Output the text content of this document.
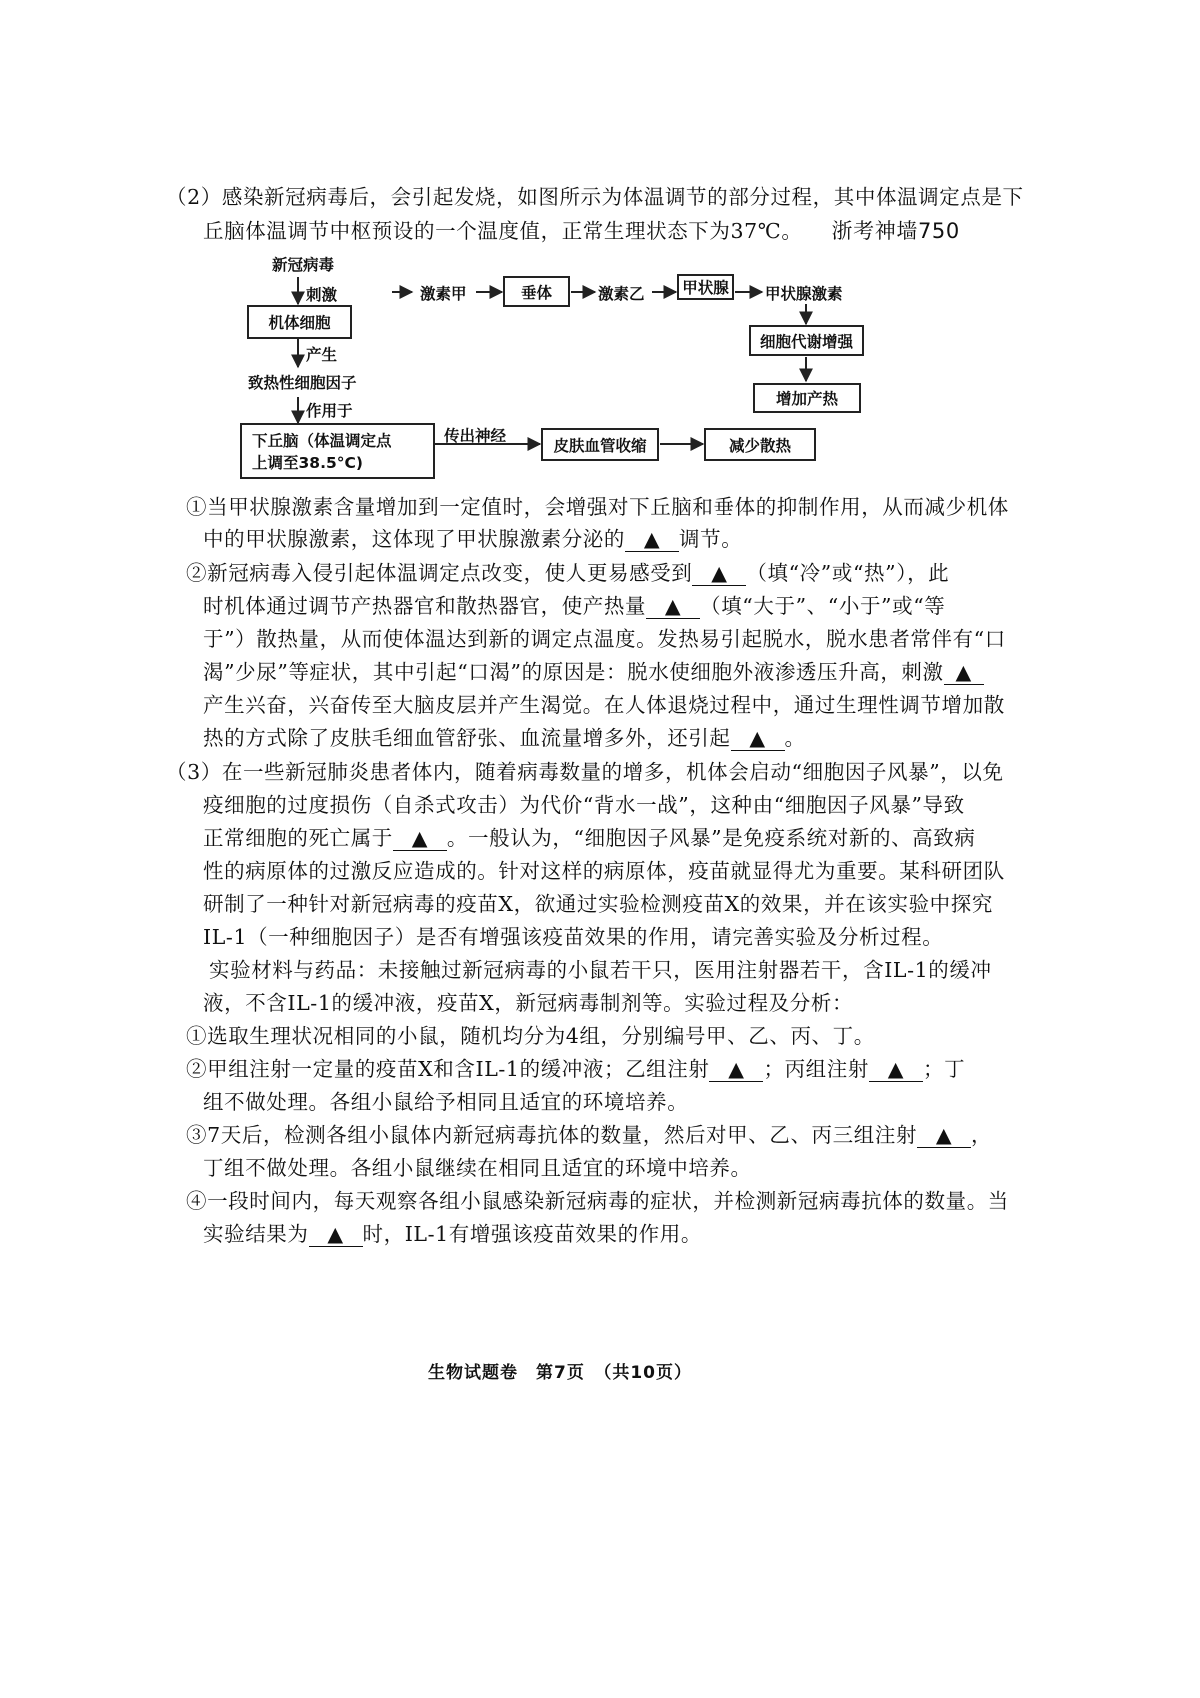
（2）感染新冠病毒后，会引起发烧，如图所示为体温调节的部分过程，其中体温调定点是下
丘脑体温调节中枢预设的一个温度值，正常生理状态下为37℃。 浙考神墙750
新冠病毒
刺激
机体细胞
产生
致热性细胞因子
作用于
下丘脑（体温调定点
上调至38.5°C)
传出神经
皮肤血管收缩	减少散热
激素甲	垂体	激素乙	甲状腺	甲状腺激素
细胞代谢增强
增加产热
①当甲状腺激素含量增加到一定值时，会增强对下丘脑和垂体的抑制作用，从而减少机体
中的甲状腺激素，这体现了甲状腺激素分泌的 ▲ 调节。
②新冠病毒入侵引起体温调定点改变，使人更易感受到 ▲ （填“冷”或“热”），此
时机体通过调节产热器官和散热器官，使产热量 ▲ （填“大于”、“小于”或“等
于”）散热量，从而使体温达到新的调定点温度。发热易引起脱水，脱水患者常伴有“口
渴”少尿”等症状，其中引起“口渴”的原因是：脱水使细胞外液渗透压升高，刺激 ▲
产生兴奋，兴奋传至大脑皮层并产生渴觉。在人体退烧过程中，通过生理性调节增加散
热的方式除了皮肤毛细血管舒张、血流量增多外，还引起 ▲ 。
（3）在一些新冠肺炎患者体内，随着病毒数量的增多，机体会启动“细胞因子风暴”，以免
疫细胞的过度损伤（自杀式攻击）为代价“背水一战”，这种由“细胞因子风暴”导致
正常细胞的死亡属于 ▲ 。一般认为，“细胞因子风暴”是免疫系统对新的、高致病
性的病原体的过激反应造成的。针对这样的病原体，疫苗就显得尤为重要。某科研团队
研制了一种针对新冠病毒的疫苗X，欲通过实验检测疫苗X的效果，并在该实验中探究
IL-1（一种细胞因子）是否有增强该疫苗效果的作用，请完善实验及分析过程。
实验材料与药品：未接触过新冠病毒的小鼠若干只，医用注射器若干，含IL-1的缓冲
液，不含IL-1的缓冲液，疫苗X，新冠病毒制剂等。实验过程及分析：
①选取生理状况相同的小鼠，随机均分为4组，分别编号甲、乙、丙、丁。
②甲组注射一定量的疫苗X和含IL-1的缓冲液；乙组注射 ▲ ；丙组注射 ▲ ；丁
组不做处理。各组小鼠给予相同且适宜的环境培养。
③7天后，检测各组小鼠体内新冠病毒抗体的数量，然后对甲、乙、丙三组注射 ▲ ，
丁组不做处理。各组小鼠继续在相同且适宜的环境中培养。
④一段时间内，每天观察各组小鼠感染新冠病毒的症状，并检测新冠病毒抗体的数量。当
实验结果为 ▲ 时，IL-1有增强该疫苗效果的作用。
生物试题卷　第7页　（共10页）
